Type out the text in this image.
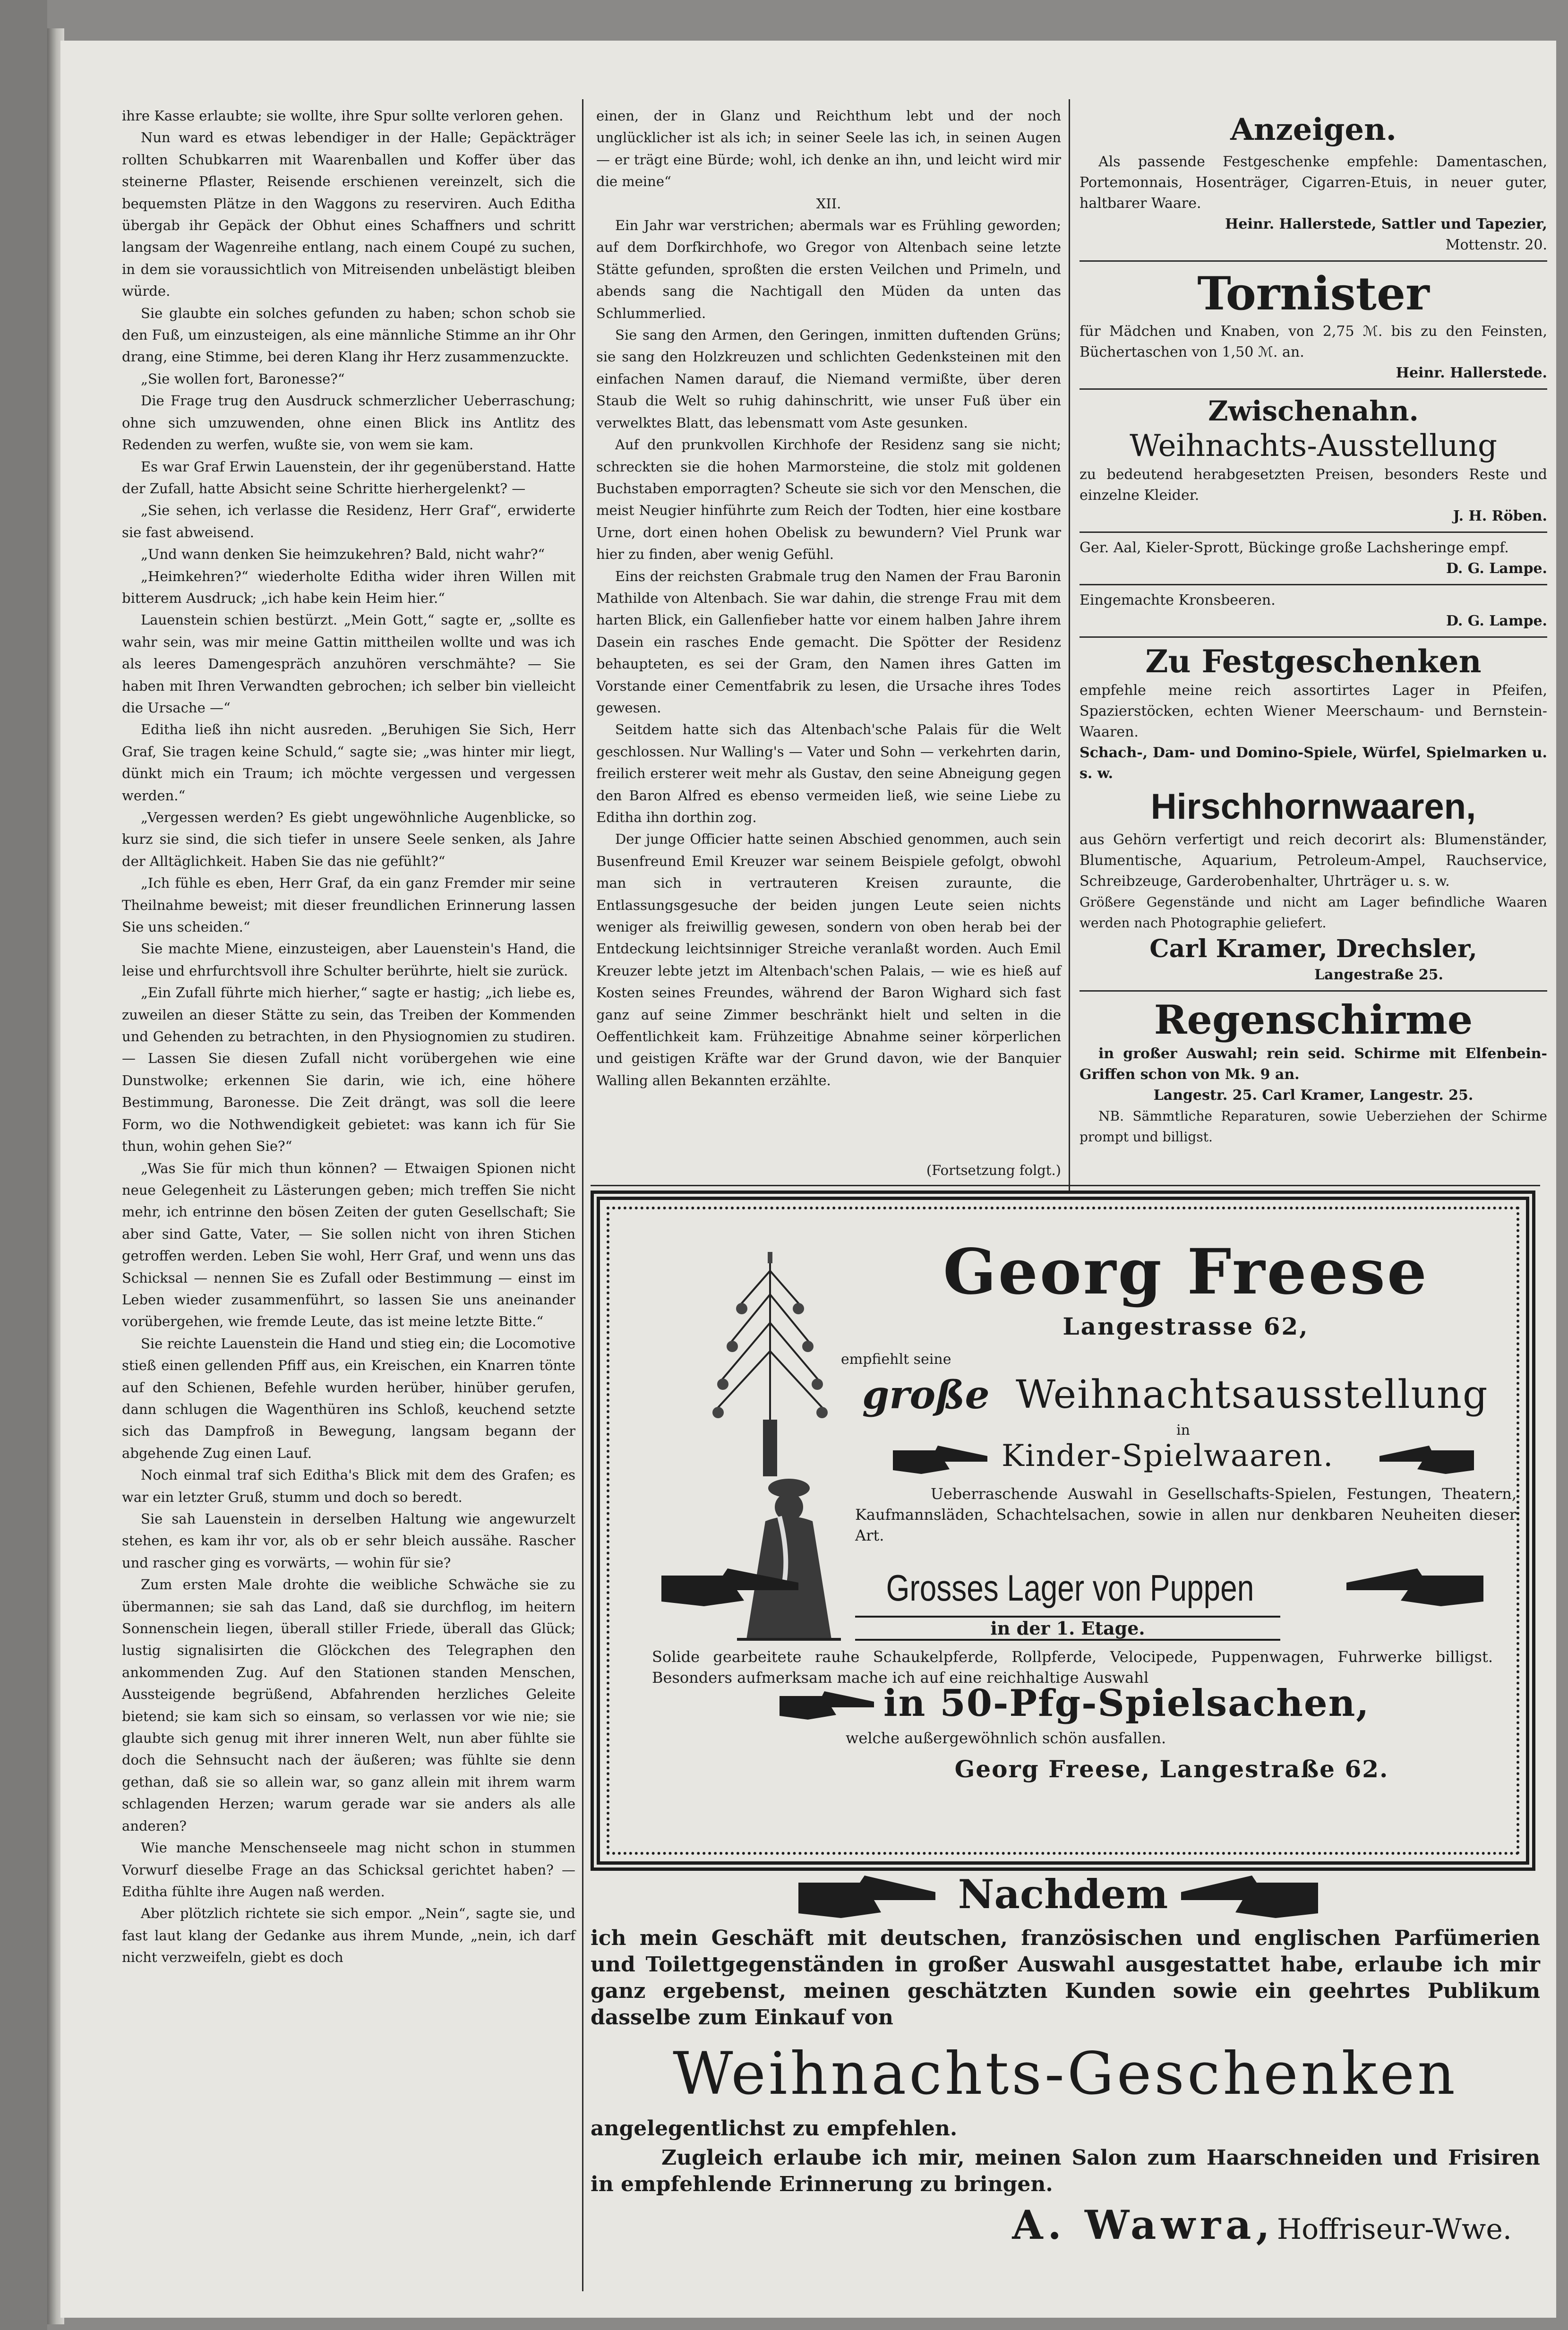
ihre Kasse erlaubte; sie wollte, ihre Spur sollte verloren gehen.

Nun ward es etwas lebendiger in der Halle; Gepäckträger rollten Schubkarren mit Waarenballen und Koffer über das steinerne Pflaster, Reisende erschienen vereinzelt, sich die bequemsten Plätze in den Waggons zu reserviren. Auch Editha übergab ihr Gepäck der Obhut eines Schaffners und schritt langsam der Wagenreihe entlang, nach einem Coupé zu suchen, in dem sie voraussichtlich von Mitreisenden unbelästigt bleiben würde.

Sie glaubte ein solches gefunden zu haben; schon schob sie den Fuß, um einzusteigen, als eine männliche Stimme an ihr Ohr drang, eine Stimme, bei deren Klang ihr Herz zusammenzuckte.

„Sie wollen fort, Baronesse?“

Die Frage trug den Ausdruck schmerzlicher Ueberraschung; ohne sich umzuwenden, ohne einen Blick ins Antlitz des Redenden zu werfen, wußte sie, von wem sie kam.

Es war Graf Erwin Lauenstein, der ihr gegenüberstand. Hatte der Zufall, hatte Absicht seine Schritte hierhergelenkt? —

„Sie sehen, ich verlasse die Residenz, Herr Graf“, erwiderte sie fast abweisend.

„Und wann denken Sie heimzukehren? Bald, nicht wahr?“

„Heimkehren?“ wiederholte Editha wider ihren Willen mit bitterem Ausdruck; „ich habe kein Heim hier.“

Lauenstein schien bestürzt. „Mein Gott,“ sagte er, „sollte es wahr sein, was mir meine Gattin mittheilen wollte und was ich als leeres Damengespräch anzuhören verschmähte? — Sie haben mit Ihren Verwandten gebrochen; ich selber bin vielleicht die Ursache —“

Editha ließ ihn nicht ausreden. „Beruhigen Sie Sich, Herr Graf, Sie tragen keine Schuld,“ sagte sie; „was hinter mir liegt, dünkt mich ein Traum; ich möchte vergessen und vergessen werden.“

„Vergessen werden? Es giebt ungewöhnliche Augenblicke, so kurz sie sind, die sich tiefer in unsere Seele senken, als Jahre der Alltäglichkeit. Haben Sie das nie gefühlt?“

„Ich fühle es eben, Herr Graf, da ein ganz Fremder mir seine Theilnahme beweist; mit dieser freundlichen Erinnerung lassen Sie uns scheiden.“

Sie machte Miene, einzusteigen, aber Lauenstein's Hand, die leise und ehrfurchtsvoll ihre Schulter berührte, hielt sie zurück.

„Ein Zufall führte mich hierher,“ sagte er hastig; „ich liebe es, zuweilen an dieser Stätte zu sein, das Treiben der Kommenden und Gehenden zu betrachten, in den Physiognomien zu studiren. — Lassen Sie diesen Zufall nicht vorübergehen wie eine Dunstwolke; erkennen Sie darin, wie ich, eine höhere Bestimmung, Baronesse. Die Zeit drängt, was soll die leere Form, wo die Nothwendigkeit gebietet: was kann ich für Sie thun, wohin gehen Sie?“

„Was Sie für mich thun können? — Etwaigen Spionen nicht neue Gelegenheit zu Lästerungen geben; mich treffen Sie nicht mehr, ich entrinne den bösen Zeiten der guten Gesellschaft; Sie aber sind Gatte, Vater, — Sie sollen nicht von ihren Stichen getroffen werden. Leben Sie wohl, Herr Graf, und wenn uns das Schicksal — nennen Sie es Zufall oder Bestimmung — einst im Leben wieder zusammenführt, so lassen Sie uns aneinander vorübergehen, wie fremde Leute, das ist meine letzte Bitte.“

Sie reichte Lauenstein die Hand und stieg ein; die Locomotive stieß einen gellenden Pfiff aus, ein Kreischen, ein Knarren tönte auf den Schienen, Befehle wurden herüber, hinüber gerufen, dann schlugen die Wagenthüren ins Schloß, keuchend setzte sich das Dampfroß in Bewegung, langsam begann der abgehende Zug einen Lauf.

Noch einmal traf sich Editha's Blick mit dem des Grafen; es war ein letzter Gruß, stumm und doch so beredt.

Sie sah Lauenstein in derselben Haltung wie angewurzelt stehen, es kam ihr vor, als ob er sehr bleich aussähe. Rascher und rascher ging es vorwärts, — wohin für sie?

Zum ersten Male drohte die weibliche Schwäche sie zu übermannen; sie sah das Land, daß sie durchflog, im heitern Sonnenschein liegen, überall stiller Friede, überall das Glück; lustig signalisirten die Glöckchen des Telegraphen den ankommenden Zug. Auf den Stationen standen Menschen, Aussteigende begrüßend, Abfahrenden herzliches Geleite bietend; sie kam sich so einsam, so verlassen vor wie nie; sie glaubte sich genug mit ihrer inneren Welt, nun aber fühlte sie doch die Sehnsucht nach der äußeren; was fühlte sie denn gethan, daß sie so allein war, so ganz allein mit ihrem warm schlagenden Herzen; warum gerade war sie anders als alle anderen?

Wie manche Menschenseele mag nicht schon in stummen Vorwurf dieselbe Frage an das Schicksal gerichtet haben? — Editha fühlte ihre Augen naß werden.

Aber plötzlich richtete sie sich empor. „Nein“, sagte sie, und fast laut klang der Gedanke aus ihrem Munde, „nein, ich darf nicht verzweifeln, giebt es doch

einen, der in Glanz und Reichthum lebt und der noch unglücklicher ist als ich; in seiner Seele las ich, in seinen Augen — er trägt eine Bürde; wohl, ich denke an ihn, und leicht wird mir die meine“

XII.

Ein Jahr war verstrichen; abermals war es Frühling geworden; auf dem Dorfkirchhofe, wo Gregor von Altenbach seine letzte Stätte gefunden, sproßten die ersten Veilchen und Primeln, und abends sang die Nachtigall den Müden da unten das Schlummerlied.

Sie sang den Armen, den Geringen, inmitten duftenden Grüns; sie sang den Holzkreuzen und schlichten Gedenksteinen mit den einfachen Namen darauf, die Niemand vermißte, über deren Staub die Welt so ruhig dahinschritt, wie unser Fuß über ein verwelktes Blatt, das lebensmatt vom Aste gesunken.

Auf den prunkvollen Kirchhofe der Residenz sang sie nicht; schreckten sie die hohen Marmorsteine, die stolz mit goldenen Buchstaben emporragten? Scheute sie sich vor den Menschen, die meist Neugier hinführte zum Reich der Todten, hier eine kostbare Urne, dort einen hohen Obelisk zu bewundern? Viel Prunk war hier zu finden, aber wenig Gefühl.

Eins der reichsten Grabmale trug den Namen der Frau Baronin Mathilde von Altenbach. Sie war dahin, die strenge Frau mit dem harten Blick, ein Gallenfieber hatte vor einem halben Jahre ihrem Dasein ein rasches Ende gemacht. Die Spötter der Residenz behaupteten, es sei der Gram, den Namen ihres Gatten im Vorstande einer Cementfabrik zu lesen, die Ursache ihres Todes gewesen.

Seitdem hatte sich das Altenbach'sche Palais für die Welt geschlossen. Nur Walling's — Vater und Sohn — verkehrten darin, freilich ersterer weit mehr als Gustav, den seine Abneigung gegen den Baron Alfred es ebenso vermeiden ließ, wie seine Liebe zu Editha ihn dorthin zog.

Der junge Officier hatte seinen Abschied genommen, auch sein Busenfreund Emil Kreuzer war seinem Beispiele gefolgt, obwohl man sich in vertrauteren Kreisen zuraunte, die Entlassungsgesuche der beiden jungen Leute seien nichts weniger als freiwillig gewesen, sondern von oben herab bei der Entdeckung leichtsinniger Streiche veranlaßt worden. Auch Emil Kreuzer lebte jetzt im Altenbach'schen Palais, — wie es hieß auf Kosten seines Freundes, während der Baron Wighard sich fast ganz auf seine Zimmer beschränkt hielt und selten in die Oeffentlichkeit kam. Frühzeitige Abnahme seiner körperlichen und geistigen Kräfte war der Grund davon, wie der Banquier Walling allen Bekannten erzählte.

(Fortsetzung folgt.)
Anzeigen.

Als passende Festgeschenke empfehle: Damentaschen, Portemonnais, Hosenträger, Cigarren-Etuis, in neuer guter, haltbarer Waare.

Heinr. Hallerstede, Sattler und Tapezier,
Mottenstr. 20.
Tornister

für Mädchen und Knaben, von 2,75 ℳ. bis zu den Feinsten, Büchertaschen von 1,50 ℳ. an.

Heinr. Hallerstede.
Zwischenahn.
Weihnachts-Ausstellung

zu bedeutend herabgesetzten Preisen, besonders Reste und einzelne Kleider.

J. H. Röben.

Ger. Aal, Kieler-Sprott, Bückinge große Lachsheringe empf.

D. G. Lampe.

Eingemachte Kronsbeeren.

D. G. Lampe.
Zu Festgeschenken

empfehle meine reich assortirtes Lager in Pfeifen, Spazierstöcken, echten Wiener Meerschaum- und Bernstein-Waaren.

Schach-, Dam- und Domino-Spiele, Würfel, Spielmarken u. s. w.

Hirschhornwaaren,

aus Gehörn verfertigt und reich decorirt als: Blumenständer, Blumentische, Aquarium, Petroleum-Ampel, Rauchservice, Schreibzeuge, Garderobenhalter, Uhrträger u. s. w.

Größere Gegenstände und nicht am Lager befindliche Waaren werden nach Photographie geliefert.

Carl Kramer, Drechsler,
Langestraße 25.
Regenschirme

in großer Auswahl; rein seid. Schirme mit Elfenbein-Griffen schon von Mk. 9 an.

Langestr. 25. Carl Kramer, Langestr. 25.

NB. Sämmtliche Reparaturen, sowie Ueberziehen der Schirme prompt und billigst.

Georg Freese
Langestrasse 62,
empfiehlt seine
große Weihnachtsausstellung
in
Kinder-Spielwaaren.
Ueberraschende Auswahl in Gesellschafts-Spielen, Festungen, Theatern, Kaufmannsläden, Schachtelsachen, sowie in allen nur denkbaren Neuheiten dieser Art.
Grosses Lager von Puppen
in der 1. Etage.
Solide gearbeitete rauhe Schaukelpferde, Rollpferde, Velocipede, Puppenwagen, Fuhrwerke billigst. Besonders aufmerksam mache ich auf eine reichhaltige Auswahl
in 50-Pfg-Spielsachen,
welche außergewöhnlich schön ausfallen.
Georg Freese, Langestraße 62.
Nachdem

ich mein Geschäft mit deutschen, französischen und englischen Parfümerien und Toilettgegenständen in großer Auswahl ausgestattet habe, erlaube ich mir ganz ergebenst, meinen geschätzten Kunden sowie ein geehrtes Publikum dasselbe zum Einkauf von

Weihnachts-Geschenken
angelegentlichst zu empfehlen.

Zugleich erlaube ich mir, meinen Salon zum Haarschneiden und Frisiren in empfehlende Erinnerung zu bringen.

A. Wawra, Hoffriseur-Wwe.
